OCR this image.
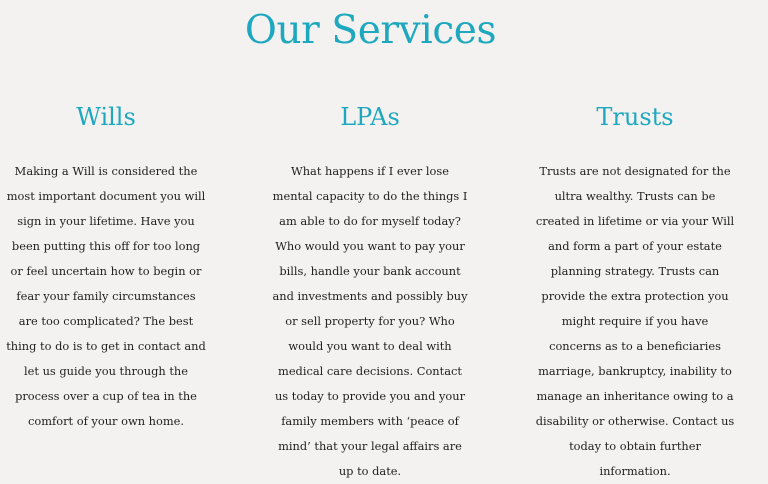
Our Services
Wills

Making a Will is considered the most important document you will sign in your lifetime. Have you been putting this off for too long or feel uncertain how to begin or fear your family circumstances are too complicated? The best thing to do is to get in contact and let us guide you through the process over a cup of tea in the comfort of your own home.

LPAs

What happens if I ever lose mental capacity to do the things I am able to do for myself today? Who would you want to pay your bills, handle your bank account and investments and possibly buy or sell property for you? Who would you want to deal with medical care decisions. Contact us today to provide you and your family members with ‘peace of mind’ that your legal affairs are up to date.

Trusts

Trusts are not designated for the ultra wealthy. Trusts can be created in lifetime or via your Will and form a part of your estate planning strategy. Trusts can provide the extra protection you might require if you have concerns as to a beneficiaries marriage, bankruptcy, inability to manage an inheritance owing to a disability or otherwise. Contact us today to obtain further information.
